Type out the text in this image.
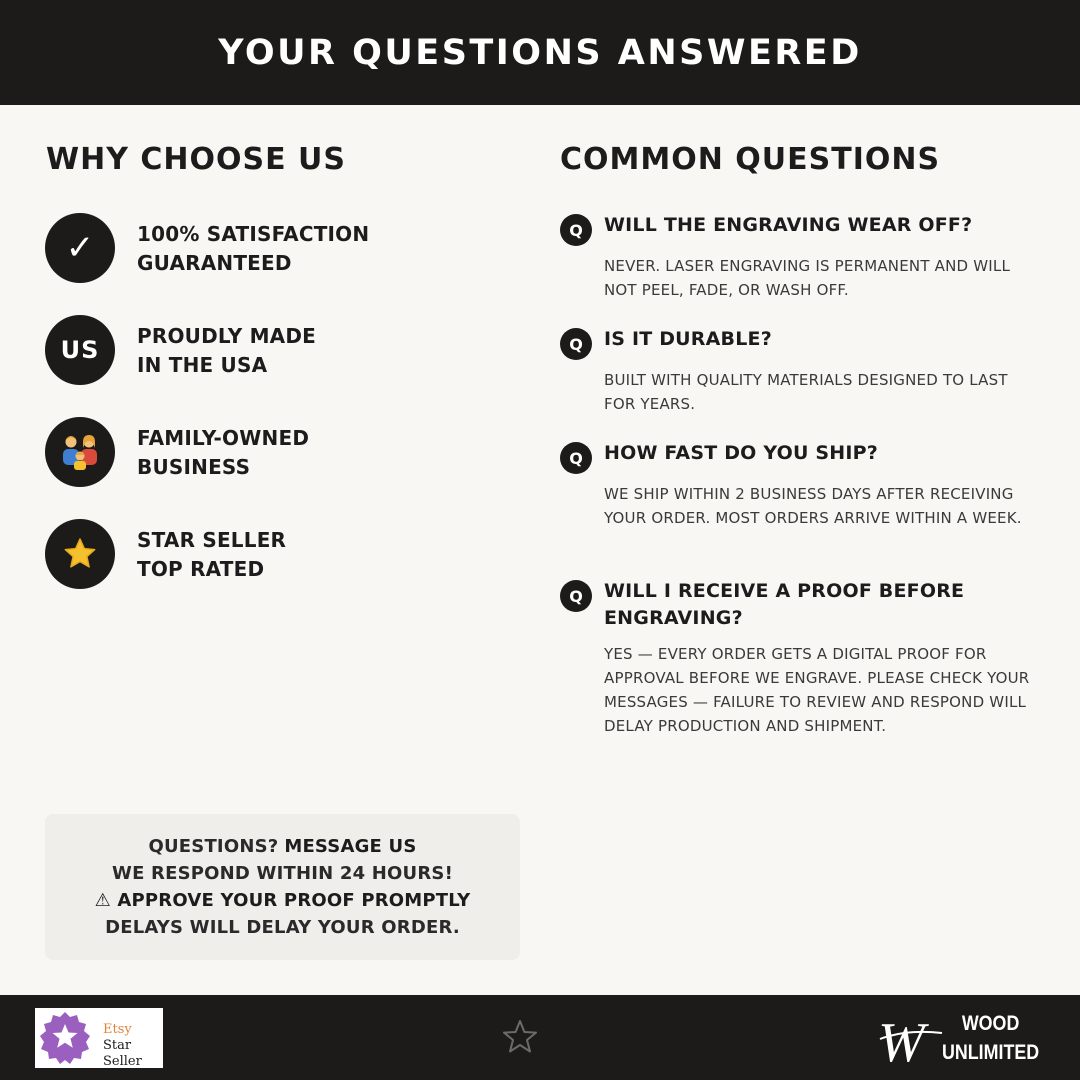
YOUR QUESTIONS ANSWERED
WHY CHOOSE US	COMMON QUESTIONS
✓ 100% SATISFACTION
GUARANTEED
US PROUDLY MADE
IN THE USA
FAMILY-OWNED
BUSINESS
STAR SELLER
TOP RATED
Q	WILL THE ENGRAVING WEAR OFF?
NEVER. LASER ENGRAVING IS PERMANENT AND WILL NOT PEEL, FADE, OR WASH OFF.
Q	IS IT DURABLE?
BUILT WITH QUALITY MATERIALS DESIGNED TO LAST FOR YEARS.
Q	HOW FAST DO YOU SHIP?
WE SHIP WITHIN 2 BUSINESS DAYS AFTER RECEIVING YOUR ORDER. MOST ORDERS ARRIVE WITHIN A WEEK.
Q	WILL I RECEIVE A PROOF BEFORE ENGRAVING?
YES — EVERY ORDER GETS A DIGITAL PROOF FOR APPROVAL BEFORE WE ENGRAVE. PLEASE CHECK YOUR MESSAGES — FAILURE TO REVIEW AND RESPOND WILL DELAY PRODUCTION AND SHIPMENT.
QUESTIONS? MESSAGE US
WE RESPOND WITHIN 24 HOURS!
⚠ APPROVE YOUR PROOF PROMPTLY
DELAYS WILL DELAY YOUR ORDER.
Etsy
Star Seller	W	WOOD
UNLIMITED
